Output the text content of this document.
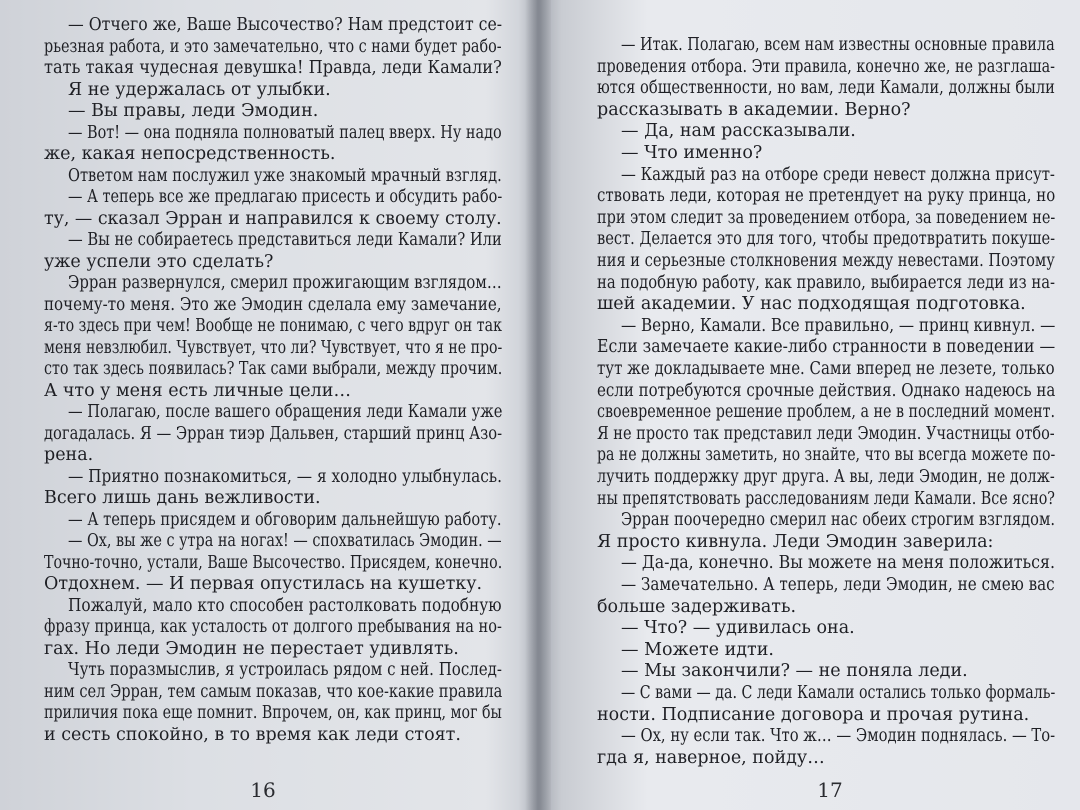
— Отчего же, Ваше Высочество? Нам предстоит се-
рьезная работа, и это замечательно, что с нами будет рабо-
тать такая чудесная девушка! Правда, леди Камали?
Я не удержалась от улыбки.
— Вы правы, леди Эмодин.
— Вот! — она подняла полноватый палец вверх. Ну надо
же, какая непосредственность.
Ответом нам послужил уже знакомый мрачный взгляд.
— А теперь все же предлагаю присесть и обсудить рабо-
ту, — сказал Эрран и направился к своему столу.
— Вы не собираетесь представиться леди Камали? Или
уже успели это сделать?
Эрран развернулся, смерил прожигающим взглядом…
почему-то меня. Это же Эмодин сделала ему замечание,
я-то здесь при чем! Вообще не понимаю, с чего вдруг он так
меня невзлюбил. Чувствует, что ли? Чувствует, что я не про-
сто так здесь появилась? Так сами выбрали, между прочим.
А что у меня есть личные цели…
— Полагаю, после вашего обращения леди Камали уже
догадалась. Я — Эрран тиэр Дальвен, старший принц Азо-
рена.
— Приятно познакомиться, — я холодно улыбнулась.
Всего лишь дань вежливости.
— А теперь присядем и обговорим дальнейшую работу.
— Ох, вы же с утра на ногах! — спохватилась Эмодин. —
Точно-точно, устали, Ваше Высочество. Присядем, конечно.
Отдохнем. — И первая опустилась на кушетку.
Пожалуй, мало кто способен растолковать подобную
фразу принца, как усталость от долгого пребывания на но-
гах. Но леди Эмодин не перестает удивлять.
Чуть поразмыслив, я устроилась рядом с ней. Послед-
ним сел Эрран, тем самым показав, что кое-какие правила
приличия пока еще помнит. Впрочем, он, как принц, мог бы
и сесть спокойно, в то время как леди стоят.
16
— Итак. Полагаю, всем нам известны основные правила
проведения отбора. Эти правила, конечно же, не разглаша-
ются общественности, но вам, леди Камали, должны были
рассказывать в академии. Верно?
— Да, нам рассказывали.
— Что именно?
— Каждый раз на отборе среди невест должна присут-
ствовать леди, которая не претендует на руку принца, но
при этом следит за проведением отбора, за поведением не-
вест. Делается это для того, чтобы предотвратить покуше-
ния и серьезные столкновения между невестами. Поэтому
на подобную работу, как правило, выбирается леди из на-
шей академии. У нас подходящая подготовка.
— Верно, Камали. Все правильно, — принц кивнул. —
Если замечаете какие-либо странности в поведении —
тут же докладываете мне. Сами вперед не лезете, только
если потребуются срочные действия. Однако надеюсь на
своевременное решение проблем, а не в последний момент.
Я не просто так представил леди Эмодин. Участницы отбо-
ра не должны заметить, но знайте, что вы всегда можете по-
лучить поддержку друг друга. А вы, леди Эмодин, не долж-
ны препятствовать расследованиям леди Камали. Все ясно?
Эрран поочередно смерил нас обеих строгим взглядом.
Я просто кивнула. Леди Эмодин заверила:
— Да-да, конечно. Вы можете на меня положиться.
— Замечательно. А теперь, леди Эмодин, не смею вас
больше задерживать.
— Что? — удивилась она.
— Можете идти.
— Мы закончили? — не поняла леди.
— С вами — да. С леди Камали остались только формаль-
ности. Подписание договора и прочая рутина.
— Ох, ну если так. Что ж… — Эмодин поднялась. — То-
гда я, наверное, пойду…
17
